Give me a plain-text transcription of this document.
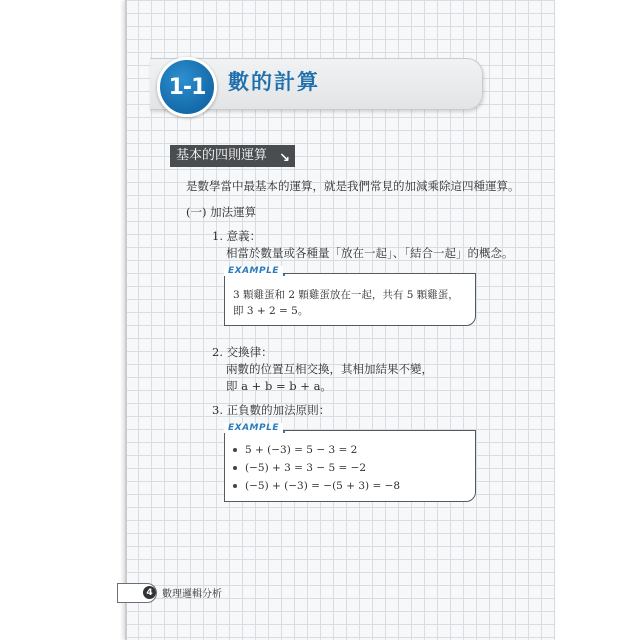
1-1 數的計算
基本的四則運算 ↘
是數學當中最基本的運算，就是我們常見的加減乘除這四種運算。
(一) 加法運算
1. 意義：
相當於數量或各種量「放在一起」、「結合一起」的概念。
EXAMPLE
3 顆雞蛋和 2 顆雞蛋放在一起，共有 5 顆雞蛋，
即 3 + 2 = 5。
2. 交換律：
兩數的位置互相交換，其相加結果不變，
即 a + b = b + a。
3. 正負數的加法原則：
EXAMPLE
5 + (−3) = 5 − 3 = 2
(−5) + 3 = 3 − 5 = −2
(−5) + (−3) = −(5 + 3) = −8
4 數理邏輯分析
